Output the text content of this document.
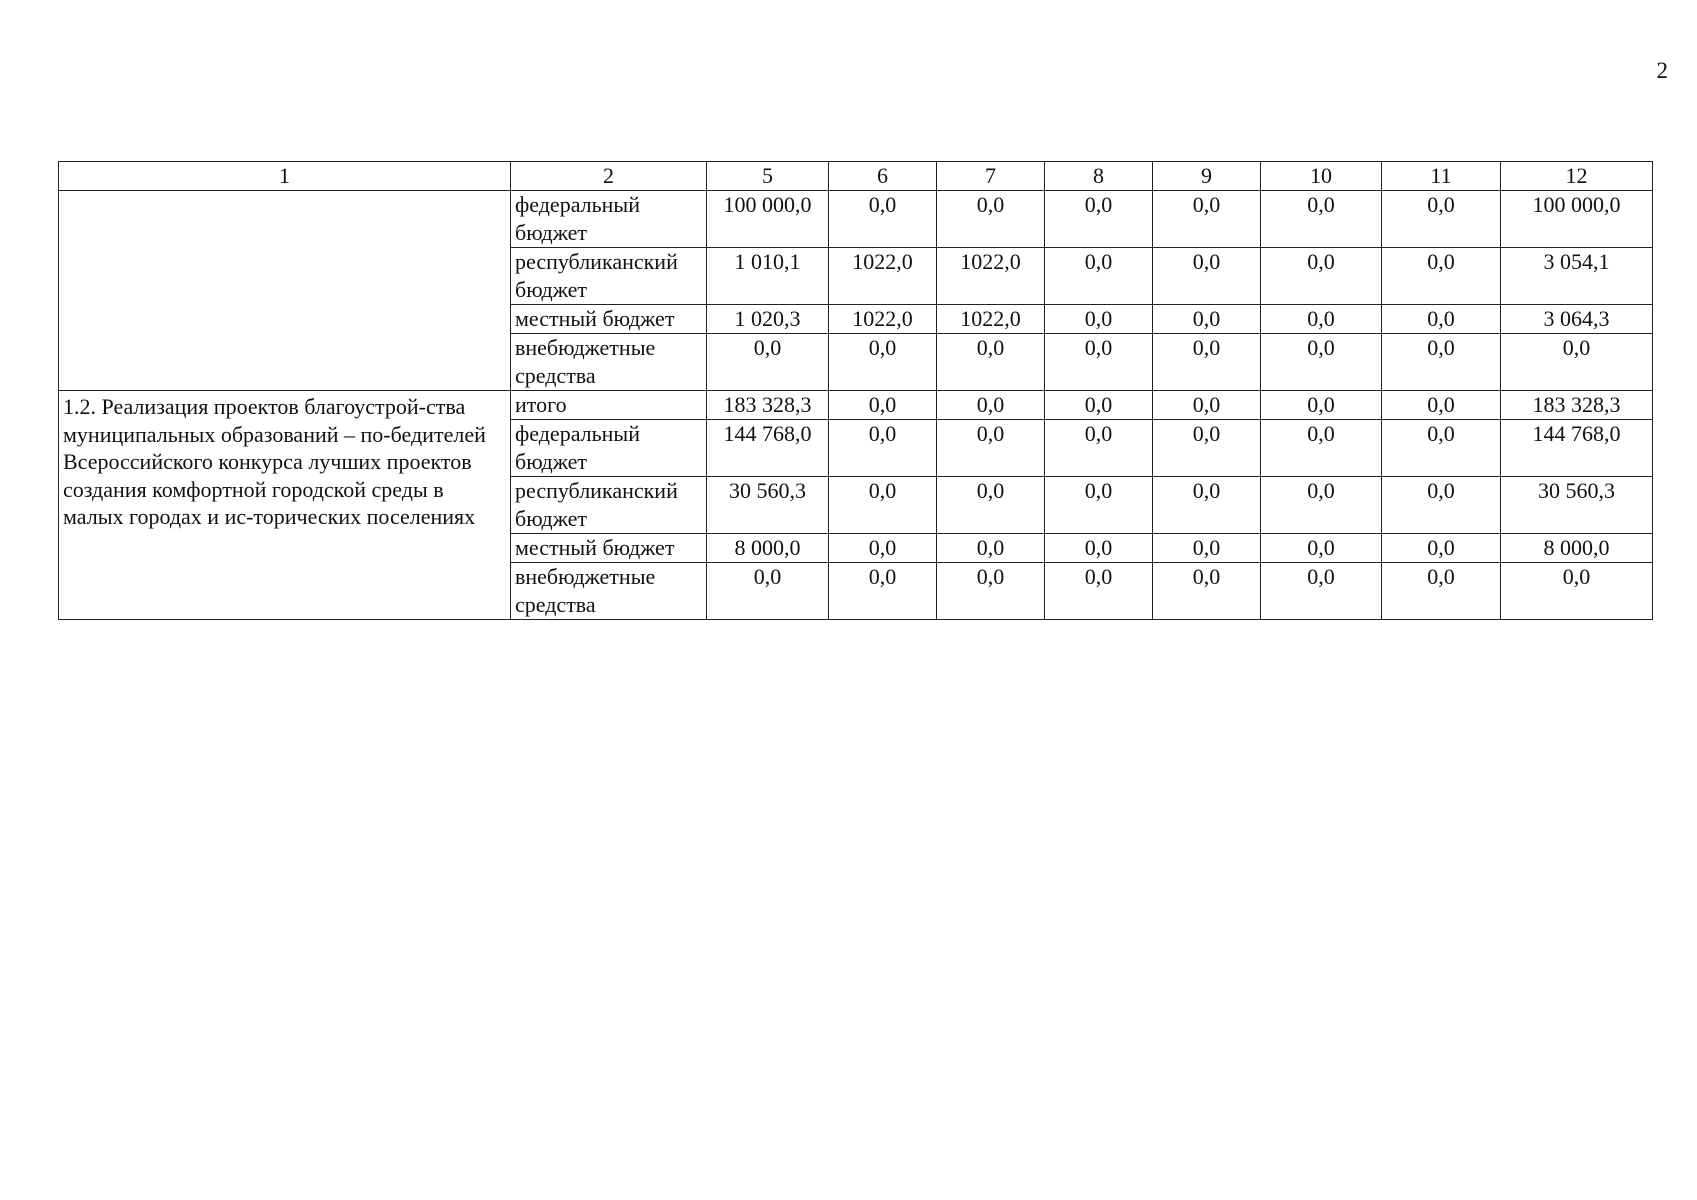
2
1	2	5	6	7	8	9	10	11	12
	федеральный бюджет	100 000,0	0,0	0,0	0,0	0,0	0,0	0,0	100 000,0
	республиканский бюджет	1 010,1	1022,0	1022,0	0,0	0,0	0,0	0,0	3 054,1
	местный бюджет	1 020,3	1022,0	1022,0	0,0	0,0	0,0	0,0	3 064,3
	внебюджетные средства	0,0	0,0	0,0	0,0	0,0	0,0	0,0	0,0
1.2. Реализация проектов благоустрой-ства муниципальных образований – по-бедителей Всероссийского конкурса лучших проектов создания комфортной городской среды в малых городах и ис-торических поселениях	итого	183 328,3	0,0	0,0	0,0	0,0	0,0	0,0	183 328,3
	федеральный бюджет	144 768,0	0,0	0,0	0,0	0,0	0,0	0,0	144 768,0
	республиканский бюджет	30 560,3	0,0	0,0	0,0	0,0	0,0	0,0	30 560,3
	местный бюджет	8 000,0	0,0	0,0	0,0	0,0	0,0	0,0	8 000,0
	внебюджетные средства	0,0	0,0	0,0	0,0	0,0	0,0	0,0	0,0
